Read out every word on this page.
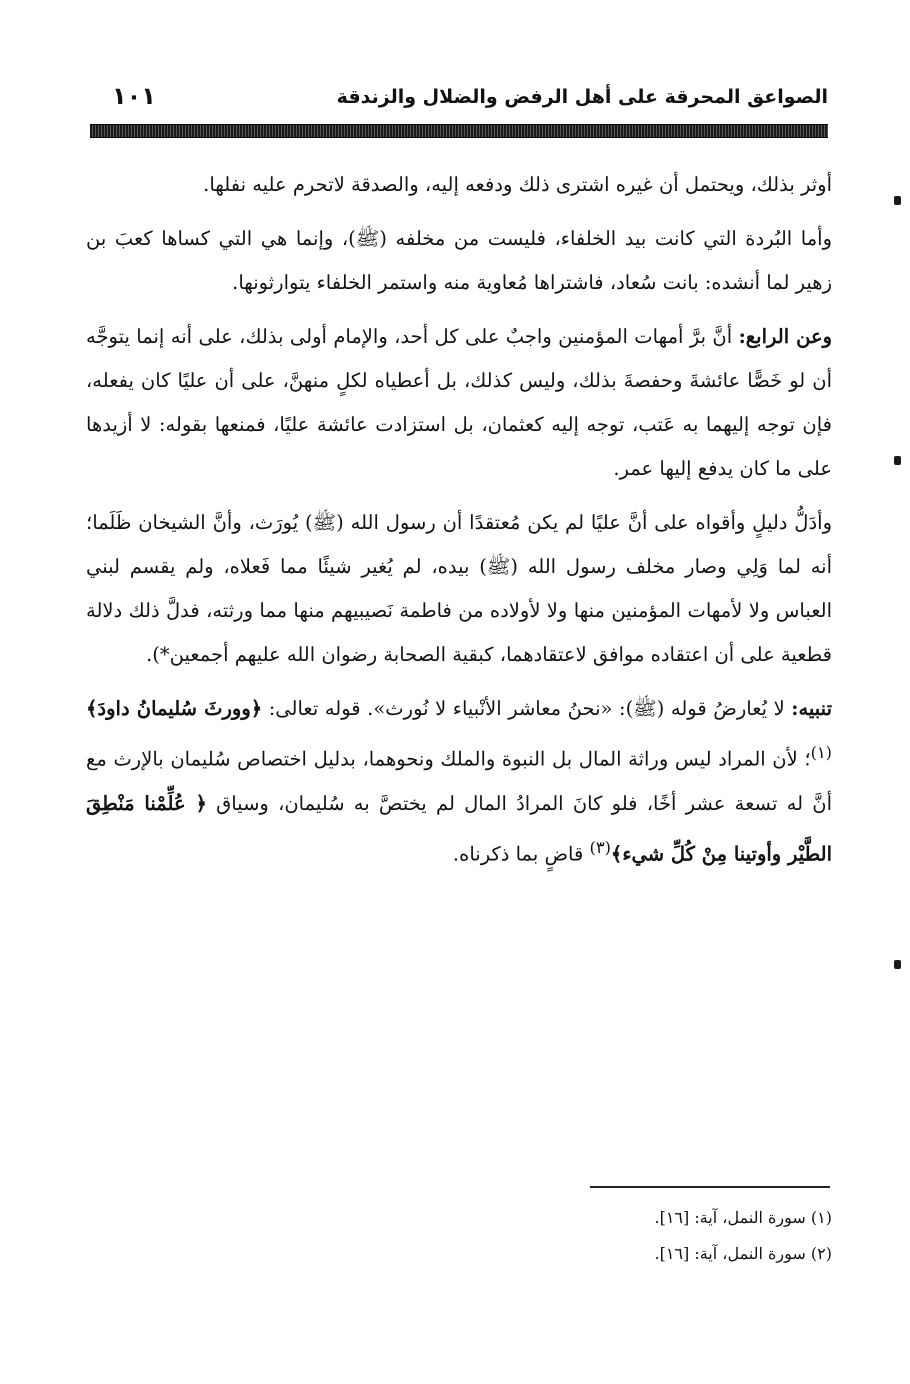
الصواعق المحرقة على أهل الرفض والضلال والزندقة
١٠١

أوثر بذلك، ويحتمل أن غيره اشترى ذلك ودفعه إليه، والصدقة لاتحرم عليه نفلها.

وأما البُردة التي كانت بيد الخلفاء، فليست من مخلفه (ﷺ)، وإنما هي التي كساها كعبَ بن زهير لما أنشده: بانت سُعاد، فاشتراها مُعاوية منه واستمر الخلفاء يتوارثونها.

وعن الرابع: أنَّ برَّ أمهات المؤمنين واجبٌ على كل أحد، والإمام أولى بذلك، على أنه إنما يتوجَّه أن لو خَصًّا عائشةَ وحفصةَ بذلك، وليس كذلك، بل أعطياه لكلٍ منهنَّ، على أن عليًا كان يفعله، فإن توجه إليهما به عَتب، توجه إليه كعثمان، بل استزادت عائشة عليًا، فمنعها بقوله: لا أزيدها على ما كان يدفع إليها عمر.

وأدَلُّ دليلٍ وأقواه على أنَّ عليًا لم يكن مُعتقدًا أن رسول الله (ﷺ) يُورَث، وأنَّ الشيخان ظَلَما؛ أنه لما وَلِي وصار مخلف رسول الله (ﷺ) بيده، لم يُغير شيئًا مما فَعلاه، ولم يقسم لبني العباس ولا لأمهات المؤمنين منها ولا لأولاده من فاطمة نَصيبيهم منها مما ورثته، فدلَّ ذلك دلالة قطعية على أن اعتقاده موافق لاعتقادهما، كبقية الصحابة رضوان الله عليهم أجمعين*).

تنبيه: لا يُعارضُ قوله (ﷺ): «نحنُ معاشر الأنْبياء لا نُورث». قوله تعالى: ﴿وورثَ سُليمانُ داودَ﴾$^{(١)}$؛ لأن المراد ليس وراثة المال بل النبوة والملك ونحوهما، بدليل اختصاص سُليمان بالإرث مع أنَّ له تسعة عشر أخًا، فلو كانَ المرادُ المال لم يختصَّ به سُليمان، وسياق ﴿ عُلِّمْنا مَنْطِقَ الطَّيْر وأوتينا مِنْ كُلِّ شيء﴾$^{(٣)}$ قاضٍ بما ذكرناه.

(١) سورة النمل، آية: [١٦].

(٢) سورة النمل، آية: [١٦].
